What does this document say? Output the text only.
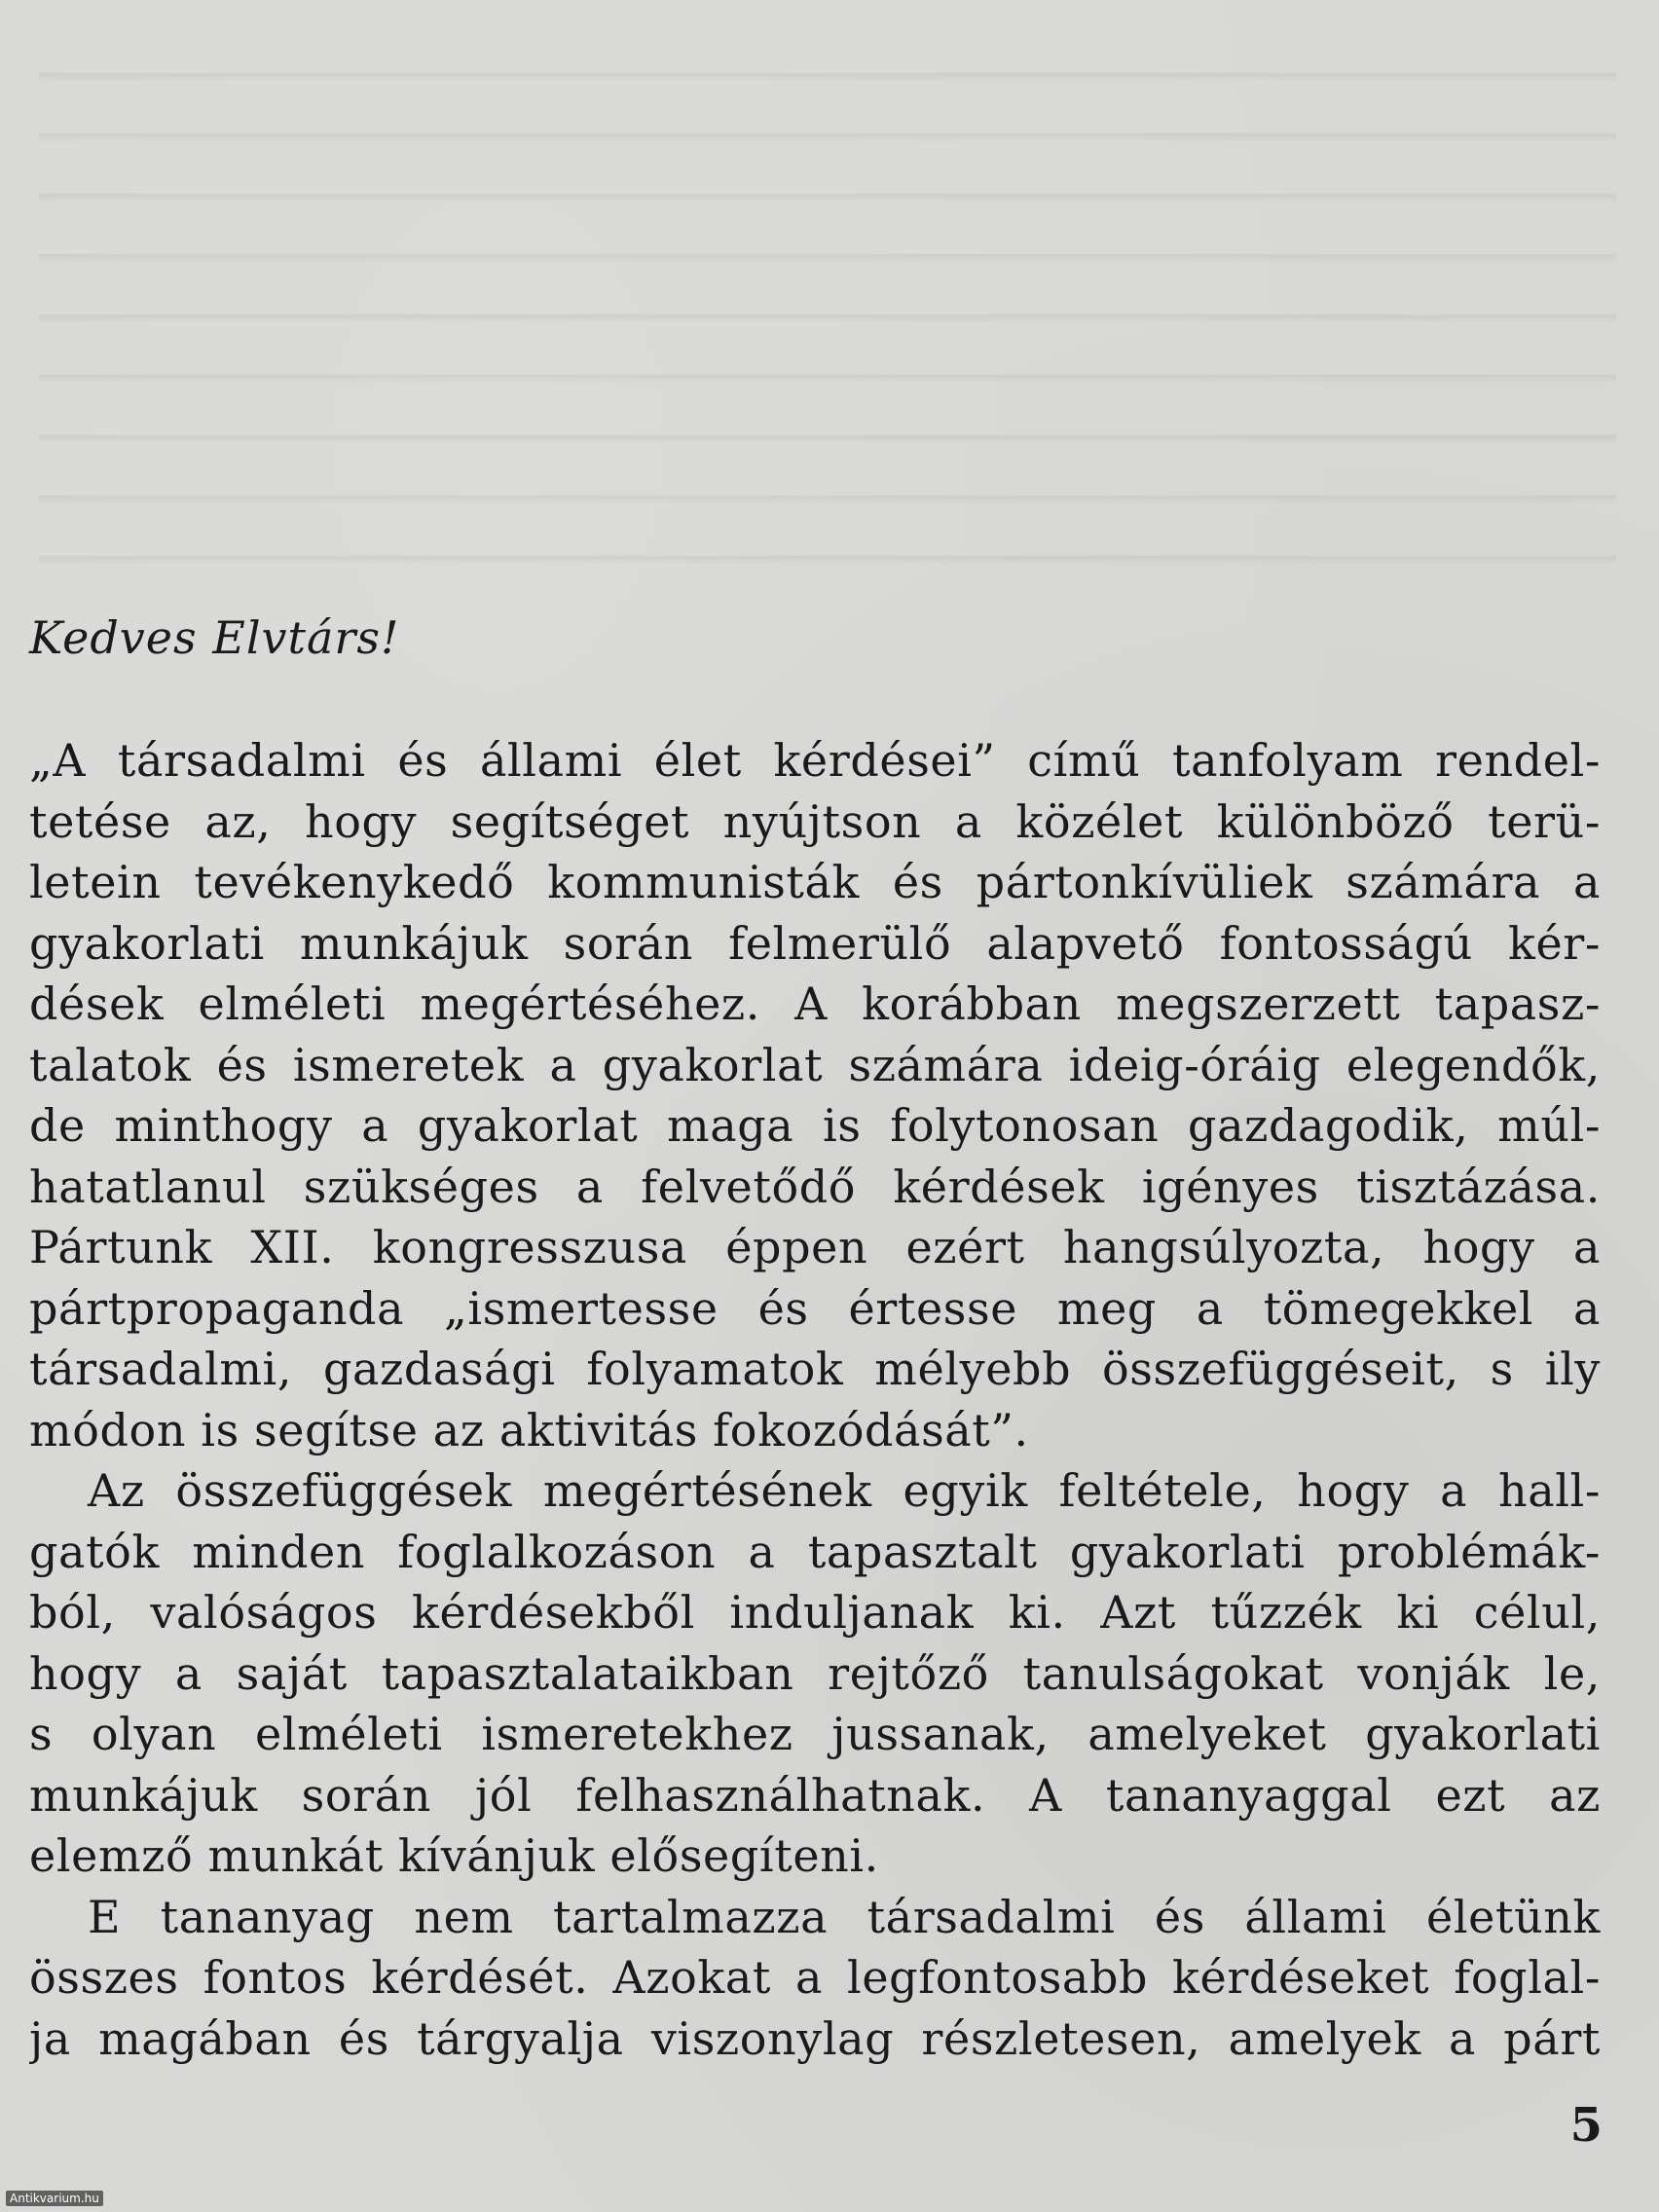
Kedves Elvtárs!
„A társadalmi és állami élet kérdései” című tanfolyam rendel-
tetése az, hogy segítséget nyújtson a közélet különböző terü-
letein tevékenykedő kommunisták és pártonkívüliek számára a
gyakorlati munkájuk során felmerülő alapvető fontosságú kér-
dések elméleti megértéséhez. A korábban megszerzett tapasz-
talatok és ismeretek a gyakorlat számára ideig-óráig elegendők,
de minthogy a gyakorlat maga is folytonosan gazdagodik, múl-
hatatlanul szükséges a felvetődő kérdések igényes tisztázása.
Pártunk XII. kongresszusa éppen ezért hangsúlyozta, hogy a
pártpropaganda „ismertesse és értesse meg a tömegekkel a
társadalmi, gazdasági folyamatok mélyebb összefüggéseit, s ily
módon is segítse az aktivitás fokozódását”.
Az összefüggések megértésének egyik feltétele, hogy a hall-
gatók minden foglalkozáson a tapasztalt gyakorlati problémák-
ból, valóságos kérdésekből induljanak ki. Azt tűzzék ki célul,
hogy a saját tapasztalataikban rejtőző tanulságokat vonják le,
s olyan elméleti ismeretekhez jussanak, amelyeket gyakorlati
munkájuk során jól felhasználhatnak. A tananyaggal ezt az
elemző munkát kívánjuk elősegíteni.
E tananyag nem tartalmazza társadalmi és állami életünk
összes fontos kérdését. Azokat a legfontosabb kérdéseket foglal-
ja magában és tárgyalja viszonylag részletesen, amelyek a párt
5
Antikvarium.hu
